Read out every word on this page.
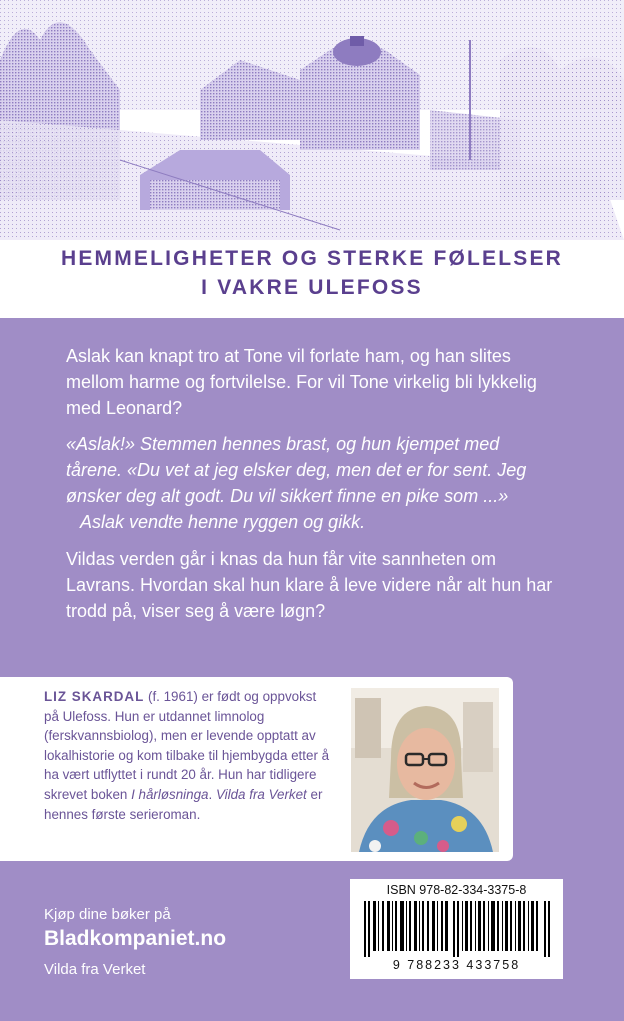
HEMMELIGHETER OG STERKE FØLELSER

I VAKRE ULEFOSS

Aslak kan knapt tro at Tone vil forlate ham, og han slites mellom harme og fortvilelse. For vil Tone virkelig bli lykkelig med Leonard?

«Aslak!» Stemmen hennes brast, og hun kjempet med
tårene. «Du vet at jeg elsker deg, men det er for sent. Jeg
ønsker deg alt godt. Du vil sikkert finne en pike som ...»
Aslak vendte henne ryggen og gikk.

Vildas verden går i knas da hun får vite sannheten om Lavrans. Hvordan skal hun klare å leve videre når alt hun har trodd på, viser seg å være løgn?

LIZ SKARDAL (f. 1961) er født og oppvokst på Ulefoss. Hun er utdannet limnolog (ferskvannsbiolog), men er levende opptatt av lokalhistorie og kom tilbake til hjembygda etter å ha vært utflyttet i rundt 20 år. Hun har tidligere skrevet boken I hårløsninga. Vilda fra Verket er hennes første serieroman.

ISBN 978-82-334-3375-8

9 788233 433758

Kjøp dine bøker på

Bladkompaniet.no

Vilda fra Verket
